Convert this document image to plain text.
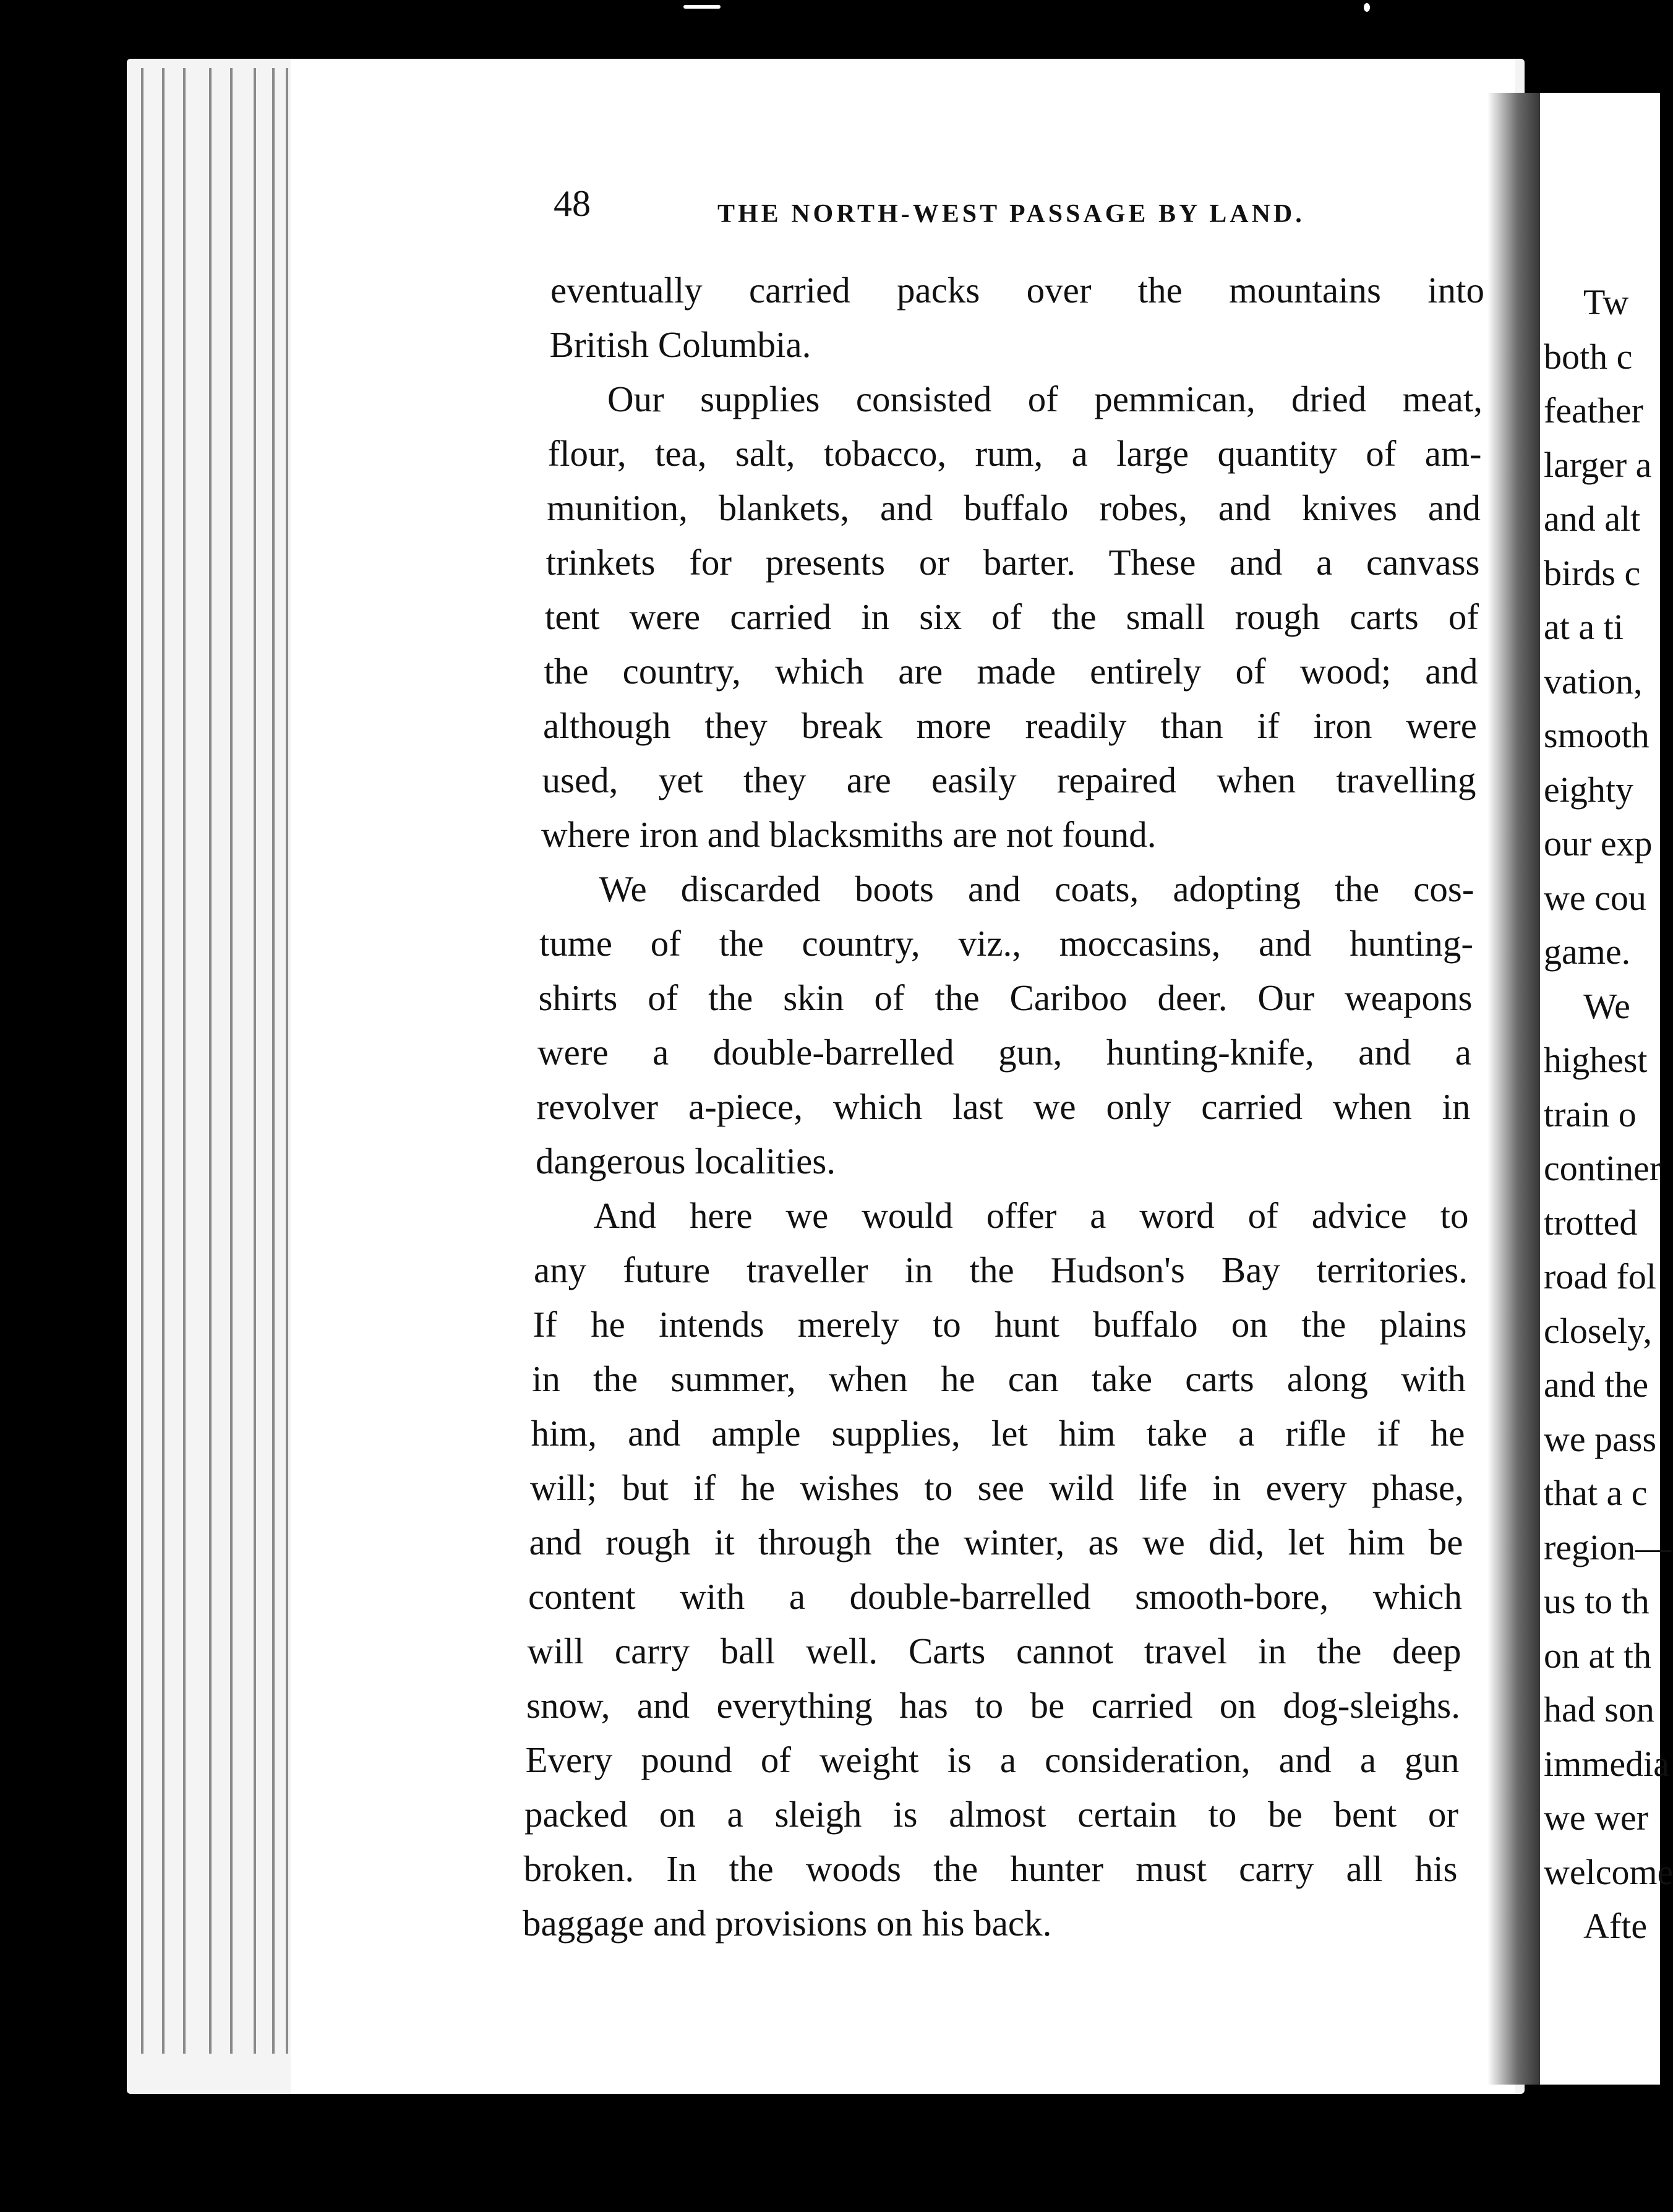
48	THE NORTH-WEST PASSAGE BY LAND.
eventually carried packs over the mountains into
British Columbia.
Our supplies consisted of pemmican, dried meat,
flour, tea, salt, tobacco, rum, a large quantity of am-
munition, blankets, and buffalo robes, and knives and
trinkets for presents or barter. These and a canvass
tent were carried in six of the small rough carts of
the country, which are made entirely of wood; and
although they break more readily than if iron were
used, yet they are easily repaired when travelling
where iron and blacksmiths are not found.
We discarded boots and coats, adopting the cos-
tume of the country, viz., moccasins, and hunting-
shirts of the skin of the Cariboo deer. Our weapons
were a double-barrelled gun, hunting-knife, and a
revolver a-piece, which last we only carried when in
dangerous localities.
And here we would offer a word of advice to
any future traveller in the Hudson's Bay territories.
If he intends merely to hunt buffalo on the plains
in the summer, when he can take carts along with
him, and ample supplies, let him take a rifle if he
will; but if he wishes to see wild life in every phase,
and rough it through the winter, as we did, let him be
content with a double-barrelled smooth-bore, which
will carry ball well. Carts cannot travel in the deep
snow, and everything has to be carried on dog-sleighs.
Every pound of weight is a consideration, and a gun
packed on a sleigh is almost certain to be bent or
broken. In the woods the hunter must carry all his
baggage and provisions on his back.
Tw
both c
feather
larger a
and alt
birds c
at a ti
vation,
smooth
eighty
our exp
we cou
game.
We
highest
train o
continer
trotted
road fol
closely,
and the
we pass
that a c
region—
us to th
on at th
had son
immedia
we wer
welcome
Afte
